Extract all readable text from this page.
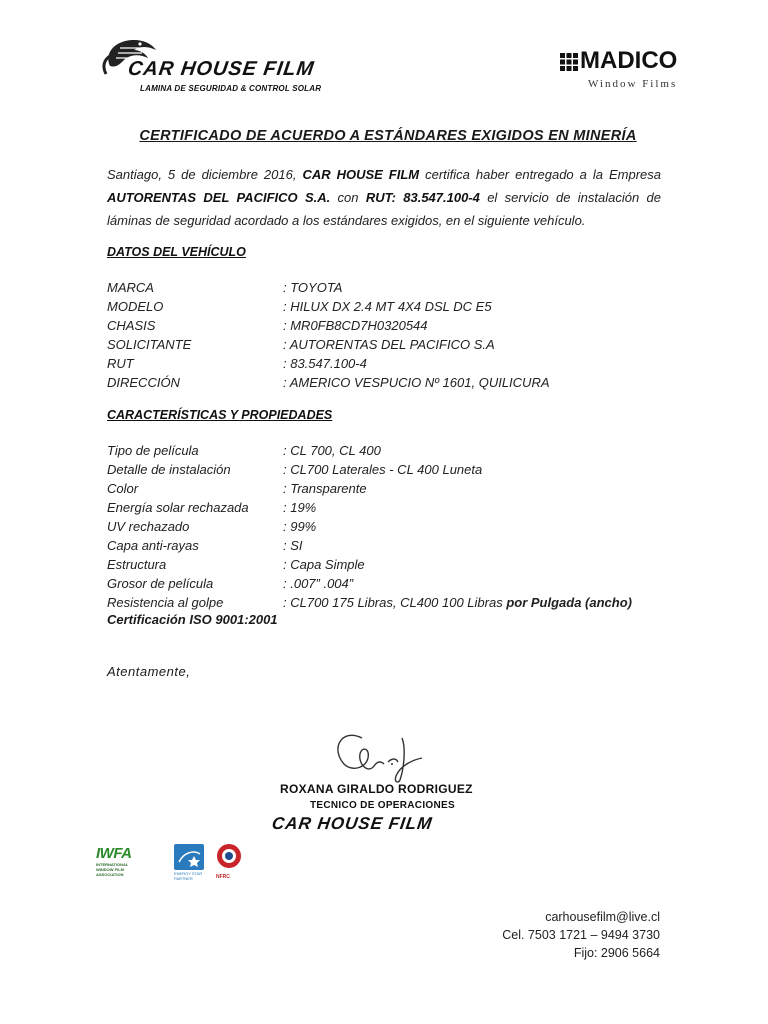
CAR HOUSE FILM
LAMINA DE SEGURIDAD & CONTROL SOLAR
MADICO
Window Films
CERTIFICADO DE ACUERDO A ESTÁNDARES EXIGIDOS EN MINERÍA
Santiago, 5 de diciembre 2016, CAR HOUSE FILM certifica haber entregado a la Empresa AUTORENTAS DEL PACIFICO S.A. con RUT: 83.547.100-4 el servicio de instalación de láminas de seguridad acordado a los estándares exigidos, en el siguiente vehículo.
DATOS DEL VEHÍCULO
MARCA	: TOYOTA
MODELO	: HILUX DX 2.4 MT 4X4 DSL DC E5
CHASIS	: MR0FB8CD7H0320544
SOLICITANTE	: AUTORENTAS DEL PACIFICO S.A
RUT	: 83.547.100-4
DIRECCIÓN	: AMERICO VESPUCIO Nº 1601, QUILICURA
CARACTERÍSTICAS Y PROPIEDADES
Tipo de película	: CL 700, CL 400
Detalle de instalación	: CL700 Laterales - CL 400 Luneta
Color	: Transparente
Energía solar rechazada	: 19%
UV rechazado	: 99%
Capa anti-rayas	: SI
Estructura	: Capa Simple
Grosor de película	: .007” .004”
Resistencia al golpe	: CL700 175 Libras, CL400 100 Libras por Pulgada (ancho)
Certificación ISO 9001:2001
Atentamente,
ROXANA GIRALDO RODRIGUEZ
TECNICO DE OPERACIONES
CAR HOUSE FILM
IWFA
INTERNATIONAL WINDOW FILM ASSOCIATION	ENERGY STAR PARTNER	NFRC
carhousefilm@live.cl
Cel. 7503 1721 – 9494 3730
Fijo: 2906 5664
